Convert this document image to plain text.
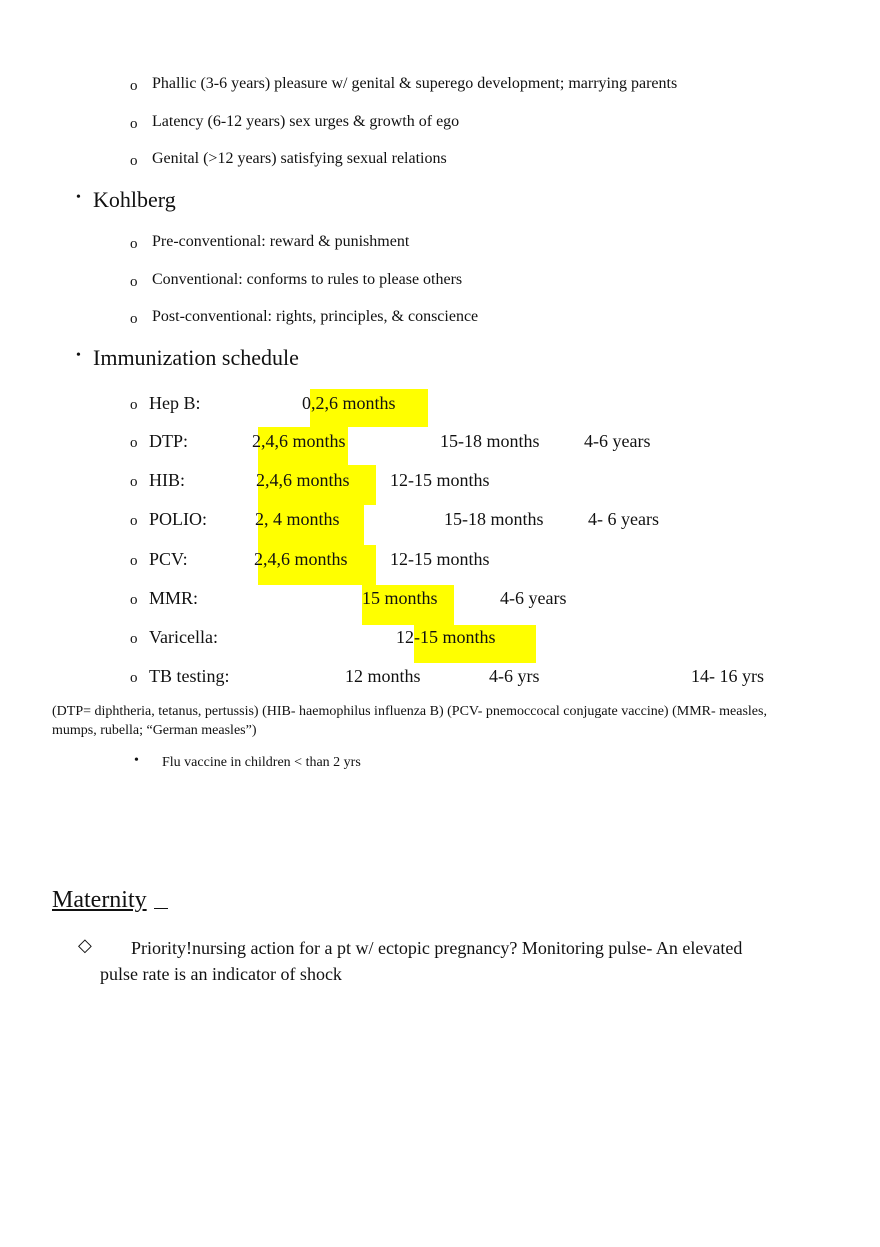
o Phallic (3-6 years) pleasure w/ genital & superego development; marrying parents
o Latency (6-12 years) sex urges & growth of ego
o Genital (>12 years) satisfying sexual relations
• Kohlberg
o Pre-conventional: reward & punishment
o Conventional: conforms to rules to please others
o Post-conventional: rights, principles, & conscience
• Immunization schedule
o Hep B:	0,2,6 months
o DTP:	2,4,6 months	15-18 months 4-6 years
o HIB:	2,4,6 months 12-15 months
o POLIO:	2, 4 months	15-18 months 4- 6 years
o PCV:	2,4,6 months 12-15 months
o MMR:	15 months	4-6 years
o Varicella:	12-15 months
o TB testing:	12 months	4-6 yrs	14- 16 yrs
(DTP= diphtheria, tetanus, pertussis) (HIB- haemophilus influenza B) (PCV- pnemoccocal conjugate vaccine) (MMR- measles, mumps, rubella; “German measles”)
• Flu vaccine in children < than 2 yrs
Maternity
◇	Priority!nursing action for a pt w/ ectopic pregnancy? Monitoring pulse- An elevated pulse rate is an indicator of shock
